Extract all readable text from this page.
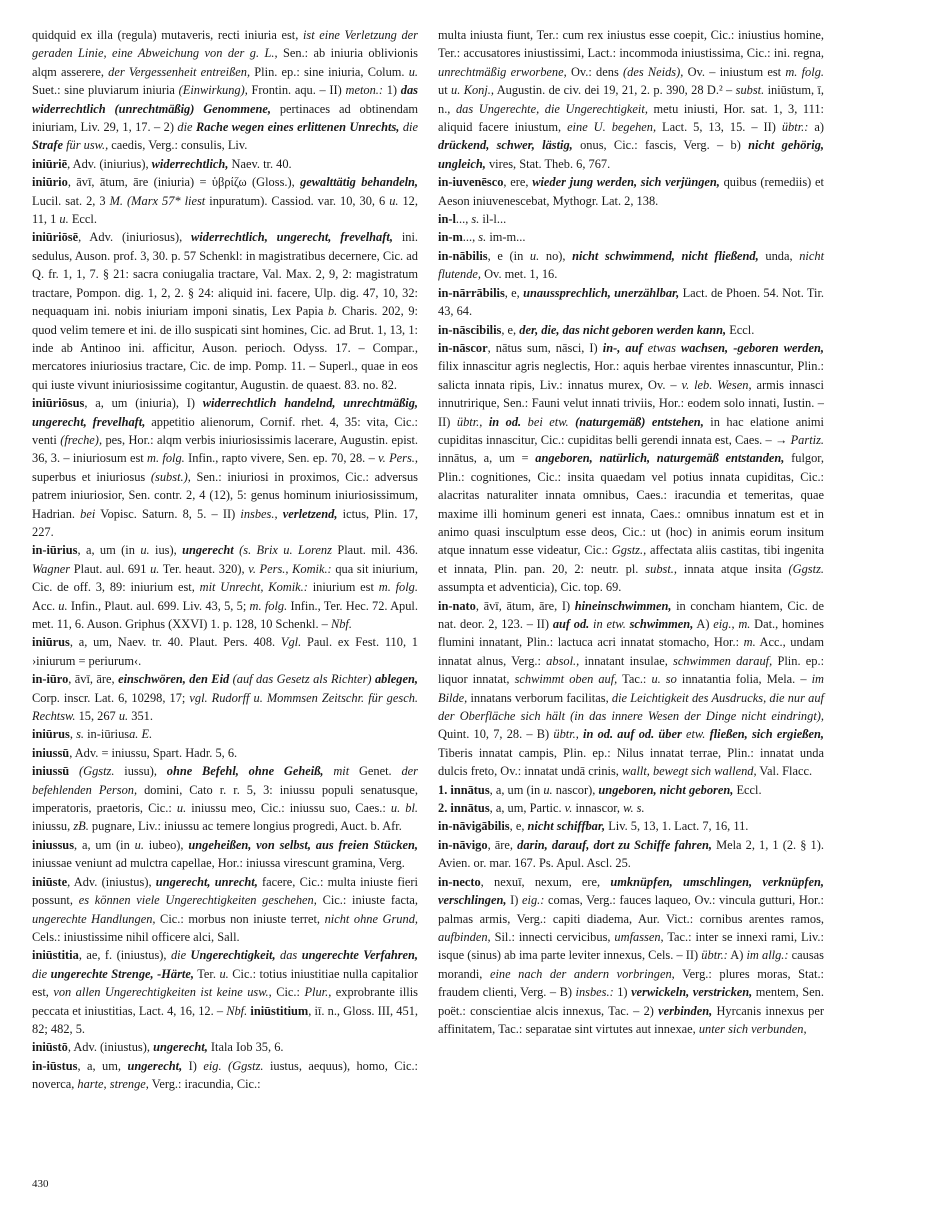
quidquid ex illa (regula) mutaveris, recti iniuria est, ist eine Verletzung der geraden Linie, eine Abweichung von der g. L., Sen.: ab iniuria oblivionis alqm asserere, der Vergessenheit entreißen, Plin. ep.: sine iniuria, Colum. u. Suet.: sine pluviarum iniuria (Einwirkung), Frontin. aqu. – II) meton.: 1) das widerrechtlich (unrechtmäßig) Genommene, pertinaces ad obtinendam iniuriam, Liv. 29, 1, 17. – 2) die Rache wegen eines erlittenen Unrechts, die Strafe für usw., caedis, Verg.: consulis, Liv.

iniūriē, Adv. (iniurius), widerrechtlich, Naev. tr. 40.

iniūrio, āvī, ātum, āre (iniuria) = ὑβρίζω (Gloss.), gewalttätig behandeln, Lucil. sat. 2, 3 M. (Marx 57* liest inpuratum). Cassiod. var. 10, 30, 6 u. 12, 11, 1 u. Eccl.

iniūriōsē, Adv. (iniuriosus), widerrechtlich, ungerecht, frevelhaft, ini. sedulus, Auson. prof. 3, 30. p. 57 Schenkl: in magistratibus decernere, Cic. ad Q. fr. 1, 1, 7. § 21: sacra coniugalia tractare, Val. Max. 2, 9, 2: magistratum tractare, Pompon. dig. 1, 2, 2. § 24: aliquid ini. facere, Ulp. dig. 47, 10, 32: nequaquam ini. nobis iniuriam imponi sinatis, Lex Papia b. Charis. 202, 9: quod velim temere et ini. de illo suspicati sint homines, Cic. ad Brut. 1, 13, 1: inde ab Antinoo ini. afficitur, Auson. perioch. Odyss. 17. – Compar., mercatores iniuriosius tractare, Cic. de imp. Pomp. 11. – Superl., quae in eos qui iuste vivunt iniuriosissime cogitantur, Augustin. de quaest. 83. no. 82.

iniūriōsus, a, um (iniuria), I) widerrechtlich handelnd, unrechtmäßig, ungerecht, frevelhaft, appetitio alienorum, Cornif. rhet. 4, 35: vita, Cic.: venti (freche), pes, Hor.: alqm verbis iniuriosissimis lacerare, Augustin. epist. 36, 3. – iniuriosum est m. folg. Infin., rapto vivere, Sen. ep. 70, 28. – v. Pers., superbus et iniuriosus (subst.), Sen.: iniuriosi in proximos, Cic.: adversus patrem iniuriosior, Sen. contr. 2, 4 (12), 5: genus hominum iniuriosissimum, Hadrian. bei Vopisc. Saturn. 8, 5. – II) insbes., verletzend, ictus, Plin. 17, 227.

in-iūrius, a, um (in u. ius), ungerecht (s. Brix u. Lorenz Plaut. mil. 436. Wagner Plaut. aul. 691 u. Ter. heaut. 320), v. Pers., Komik.: qua sit iniurium, Cic. de off. 3, 89: iniurium est, mit Unrecht, Komik.: iniurium est m. folg. Acc. u. Infin., Plaut. aul. 699. Liv. 43, 5, 5; m. folg. Infin., Ter. Hec. 72. Apul. met. 11, 6. Auson. Griphus (XXVI) 1. p. 128, 10 Schenkl. – Nbf.

iniūrus, a, um, Naev. tr. 40. Plaut. Pers. 408. Vgl. Paul. ex Fest. 110, 1 ›iniurum = periurum‹.

in-iūro, āvī, āre, einschwören, den Eid (auf das Gesetz als Richter) ablegen, Corp. inscr. Lat. 6, 10298, 17; vgl. Rudorff u. Mommsen Zeitschr. für gesch. Rechtsw. 15, 267 u. 351.

iniūrus, s. in-iūriusa. E.

iniussū, Adv. = iniussu, Spart. Hadr. 5, 6.

iniussū (Ggstz. iussu), ohne Befehl, ohne Geheiß, mit Genet. der befehlenden Person, domini, Cato r. r. 5, 3: iniussu populi senatusque, imperatoris, praetoris, Cic.: u. iniussu meo, Cic.: iniussu suo, Caes.: u. bl. iniussu, zB. pugnare, Liv.: iniussu ac temere longius progredi, Auct. b. Afr.

iniussus, a, um (in u. iubeo), ungeheißen, von selbst, aus freien Stücken, iniussae veniunt ad mulctra capellae, Hor.: iniussa virescunt gramina, Verg.

iniūste, Adv. (iniustus), ungerecht, unrecht, facere, Cic.: multa iniuste fieri possunt, es können viele Ungerechtigkeiten geschehen, Cic.: iniuste facta, ungerechte Handlungen, Cic.: morbus non iniuste terret, nicht ohne Grund, Cels.: iniustissime nihil officere alci, Sall.

iniūstitia, ae, f. (iniustus), die Ungerechtigkeit, das ungerechte Verfahren, die ungerechte Strenge, -Härte, Ter. u. Cic.: totius iniustitiae nulla capitalior est, von allen Ungerechtigkeiten ist keine usw., Cic.: Plur., exprobrante illis peccata et iniustitias, Lact. 4, 16, 12. – Nbf. iniūstitium, iī. n., Gloss. III, 451, 82; 482, 5.

iniūstō, Adv. (iniustus), ungerecht, Itala Iob 35, 6.

in-iūstus, a, um, ungerecht, I) eig. (Ggstz. iustus, aequus), homo, Cic.: noverca, harte, strenge, Verg.: iracundia, Cic.:

multa iniusta fiunt, Ter.: cum rex iniustus esse coepit, Cic.: iniustius homine, Ter.: accusatores iniustissimi, Lact.: incommoda iniustissima, Cic.: ini. regna, unrechtmäßig erworbene, Ov.: dens (des Neids), Ov. – iniustum est m. folg. ut u. Konj., Augustin. de civ. dei 19, 21, 2. p. 390, 28 D.² – subst. iniūstum, ī, n., das Ungerechte, die Ungerechtigkeit, metu iniusti, Hor. sat. 1, 3, 111: aliquid facere iniustum, eine U. begehen, Lact. 5, 13, 15. – II) übtr.: a) drückend, schwer, lästig, onus, Cic.: fascis, Verg. – b) nicht gehörig, ungleich, vires, Stat. Theb. 6, 767.

in-iuvenēsco, ere, wieder jung werden, sich verjüngen, quibus (remediis) et Aeson iniuvenescebat, Mythogr. Lat. 2, 138.

in-l..., s. il-l...

in-m..., s. im-m...

in-nābilis, e (in u. no), nicht schwimmend, nicht fließend, unda, nicht flutende, Ov. met. 1, 16.

in-nārrābilis, e, unaussprechlich, unerzählbar, Lact. de Phoen. 54. Not. Tir. 43, 64.

in-nāscibilis, e, der, die, das nicht geboren werden kann, Eccl.

in-nāscor, nātus sum, nāsci, I) in-, auf etwas wachsen, -geboren werden, filix innascitur agris neglectis, Hor.: aquis herbae virentes innascuntur, Plin.: salicta innata ripis, Liv.: innatus murex, Ov. – v. leb. Wesen, armis innasci innutririque, Sen.: Fauni velut innati triviis, Hor.: eodem solo innati, Iustin. – II) übtr., in od. bei etw. (naturgemäß) entstehen, in hac elatione animi cupiditas innascitur, Cic.: cupiditas belli gerendi innata est, Caes. – → Partiz. innātus, a, um = angeboren, natürlich, naturgemäß entstanden, fulgor, Plin.: cognitiones, Cic.: insita quaedam vel potius innata cupiditas, Cic.: alacritas naturaliter innata omnibus, Caes.: iracundia et temeritas, quae maxime illi hominum generi est innata, Caes.: omnibus innatum est et in animo quasi insculptum esse deos, Cic.: ut (hoc) in animis eorum insitum atque innatum esse videatur, Cic.: Ggstz., affectata aliis castitas, tibi ingenita et innata, Plin. pan. 20, 2: neutr. pl. subst., innata atque insita (Ggstz. assumpta et adventicia), Cic. top. 69.

in-nato, āvī, ātum, āre, I) hineinschwimmen, in concham hiantem, Cic. de nat. deor. 2, 123. – II) auf od. in etw. schwimmen, A) eig., m. Dat., homines flumini innatant, Plin.: lactuca acri innatat stomacho, Hor.: m. Acc., undam innatat alnus, Verg.: absol., innatant insulae, schwimmen darauf, Plin. ep.: liquor innatat, schwimmt oben auf, Tac.: u. so innatantia folia, Mela. – im Bilde, innatans verborum facilitas, die Leichtigkeit des Ausdrucks, die nur auf der Oberfläche sich hält (in das innere Wesen der Dinge nicht eindringt), Quint. 10, 7, 28. – B) übtr., in od. auf od. über etw. fließen, sich ergießen, Tiberis innatat campis, Plin. ep.: Nilus innatat terrae, Plin.: innatat unda dulcis freto, Ov.: innatat undā crinis, wallt, bewegt sich wallend, Val. Flacc.

1. innātus, a, um (in u. nascor), ungeboren, nicht geboren, Eccl.

2. innātus, a, um, Partic. v. innascor, w. s.

in-nāvigābilis, e, nicht schiffbar, Liv. 5, 13, 1. Lact. 7, 16, 11.

in-nāvigo, āre, darin, darauf, dort zu Schiffe fahren, Mela 2, 1, 1 (2. § 1). Avien. or. mar. 167. Ps. Apul. Ascl. 25.

in-necto, nexuī, nexum, ere, umknüpfen, umschlingen, verknüpfen, verschlingen, I) eig.: comas, Verg.: fauces laqueo, Ov.: vincula gutturi, Hor.: palmas armis, Verg.: capiti diadema, Aur. Vict.: cornibus arentes ramos, aufbinden, Sil.: innecti cervicibus, umfassen, Tac.: inter se innexi rami, Liv.: isque (sinus) ab ima parte leviter innexus, Cels. – II) übtr.: A) im allg.: causas morandi, eine nach der andern vorbringen, Verg.: plures moras, Stat.: fraudem clienti, Verg. – B) insbes.: 1) verwickeln, verstricken, mentem, Sen. poët.: conscientiae alcis innexus, Tac. – 2) verbinden, Hyrcanis innexus per affinitatem, Tac.: separatae sint virtutes aut innexae, unter sich verbunden,

430
